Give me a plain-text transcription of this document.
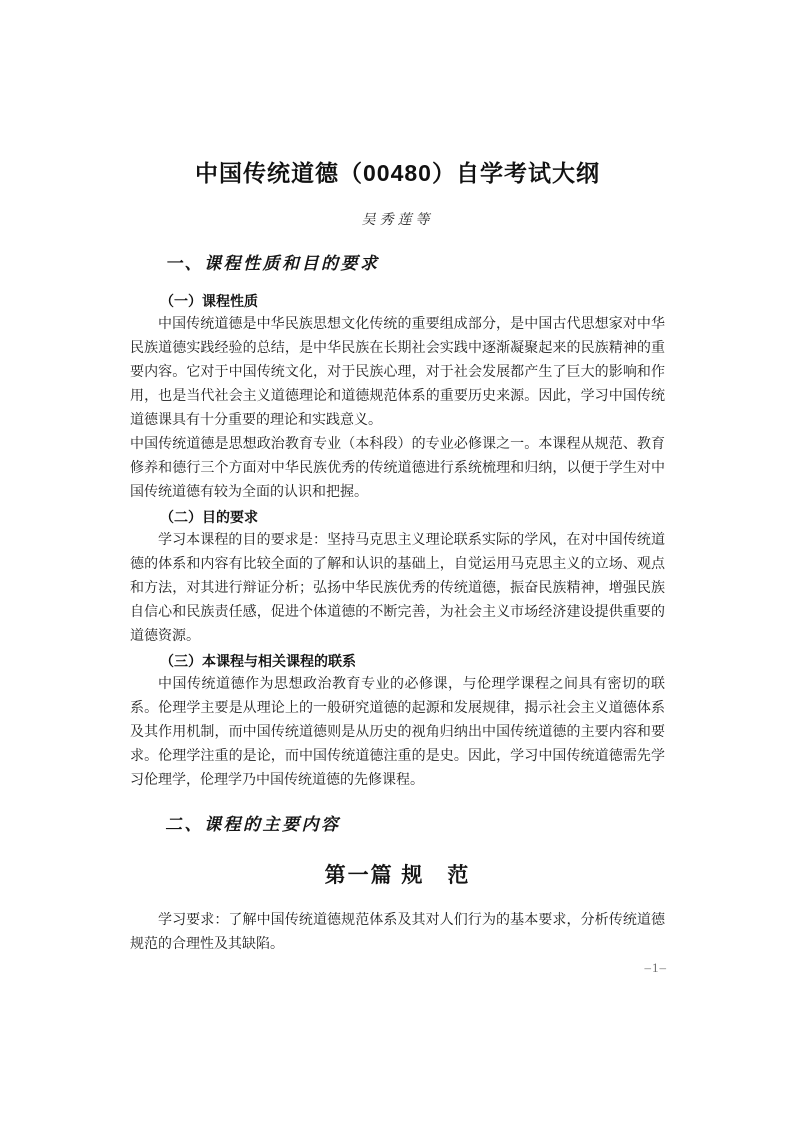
中国传统道德（00480）自学考试大纲
吴秀莲等
一、课程性质和目的要求
（一）课程性质

中国传统道德是中华民族思想文化传统的重要组成部分，是中国古代思想家对中华民族道德实践经验的总结，是中华民族在长期社会实践中逐渐凝聚起来的民族精神的重要内容。它对于中国传统文化，对于民族心理，对于社会发展都产生了巨大的影响和作用，也是当代社会主义道德理论和道德规范体系的重要历史来源。因此，学习中国传统道德课具有十分重要的理论和实践意义。

中国传统道德是思想政治教育专业（本科段）的专业必修课之一。本课程从规范、教育修养和德行三个方面对中华民族优秀的传统道德进行系统梳理和归纳，以便于学生对中国传统道德有较为全面的认识和把握。

（二）目的要求

学习本课程的目的要求是：坚持马克思主义理论联系实际的学风，在对中国传统道德的体系和内容有比较全面的了解和认识的基础上，自觉运用马克思主义的立场、观点和方法，对其进行辩证分析；弘扬中华民族优秀的传统道德，振奋民族精神，增强民族自信心和民族责任感，促进个体道德的不断完善，为社会主义市场经济建设提供重要的道德资源。

（三）本课程与相关课程的联系

中国传统道德作为思想政治教育专业的必修课，与伦理学课程之间具有密切的联系。伦理学主要是从理论上的一般研究道德的起源和发展规律，揭示社会主义道德体系及其作用机制，而中国传统道德则是从历史的视角归纳出中国传统道德的主要内容和要求。伦理学注重的是论，而中国传统道德注重的是史。因此，学习中国传统道德需先学习伦理学，伦理学乃中国传统道德的先修课程。

二、课程的主要内容
第一篇 规　范

学习要求：了解中国传统道德规范体系及其对人们行为的基本要求，分析传统道德规范的合理性及其缺陷。

–1–
